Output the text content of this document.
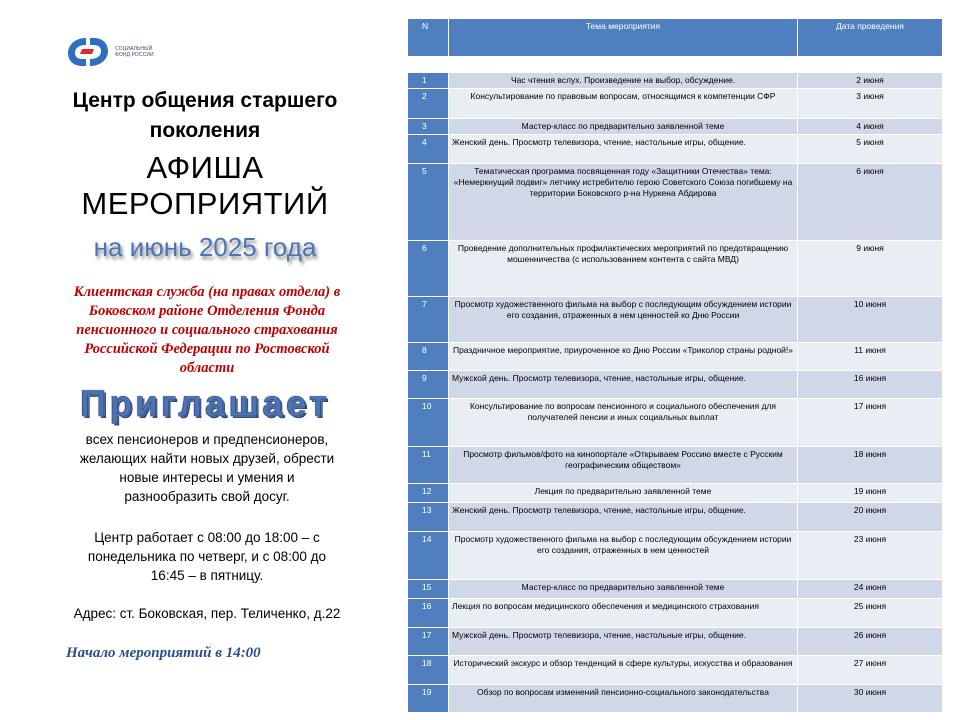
СОЦИАЛЬНЫЙ
ФОНД РОССИИ
Центр общения старшего
поколения
АФИША
МЕРОПРИЯТИЙ
на июнь 2025 года
Клиентская служба (на правах отдела) в
Боковском районе Отделения Фонда
пенсионного и социального страхования
Российской Федерации по Ростовской
области
Приглашает
всех пенсионеров и предпенсионеров,
желающих найти новых друзей, обрести
новые интересы и умения и
разнообразить свой досуг.
Центр работает с 08:00 до 18:00 – с
понедельника по четверг, и с 08:00 до
16:45 – в пятницу.
Адрес: ст. Боковская, пер. Теличенко, д.22
Начало мероприятий в 14:00
N	Тема мероприятия	Дата проведения

1	Час чтения вслух. Произведение на выбор, обсуждение.	2 июня
2	Консультирование по правовым вопросам, относящимся к компетенции СФР	3 июня
3	Мастер-класс по предварительно заявленной теме	4 июня
4	Женский день. Просмотр телевизора, чтение, настольные игры, общение.	5 июня
5	Тематическая программа посвященная году «Защитники Отечества» тема: «Немеркнущий подвиг» летчику истребителю герою Советского Союза погибшему на территории Боковского р-на Нуркена Абдирова	6 июня
6	Проведение дополнительных профилактических мероприятий по предотвращению мошенничества (с использованием контента с сайта МВД)	9 июня
7	Просмотр художественного фильма на выбор с последующим обсуждением истории его создания, отраженных в нем ценностей ко Дню России	10 июня
8	Праздничное мероприятие, приуроченное ко Дню России «Триколор страны родной!»	11 июня
9	Мужской день. Просмотр телевизора, чтение, настольные игры, общение.	16 июня
10	Консультирование по вопросам пенсионного и социального обеспечения для получателей пенсии и иных социальных выплат	17 июня
11	Просмотр фильмов/фото на кинопортале «Открываем Россию вместе с Русским географическим обществом»	18 июня
12	Лекция по предварительно заявленной теме	19 июня
13	Женский день. Просмотр телевизора, чтение, настольные игры, общение.	20 июня
14	Просмотр художественного фильма на выбор с последующим обсуждением истории его создания, отраженных в нем ценностей	23 июня
15	Мастер-класс по предварительно заявленной теме	24 июня
16	Лекция по вопросам медицинского обеспечения и медицинского страхования	25 июня
17	Мужской день. Просмотр телевизора, чтение, настольные игры, общение.	26 июня
18	Исторический экскурс и обзор тенденций в сфере культуры, искусства и образования	27 июня
19	Обзор по вопросам изменений пенсионно-социального законодательства	30 июня
